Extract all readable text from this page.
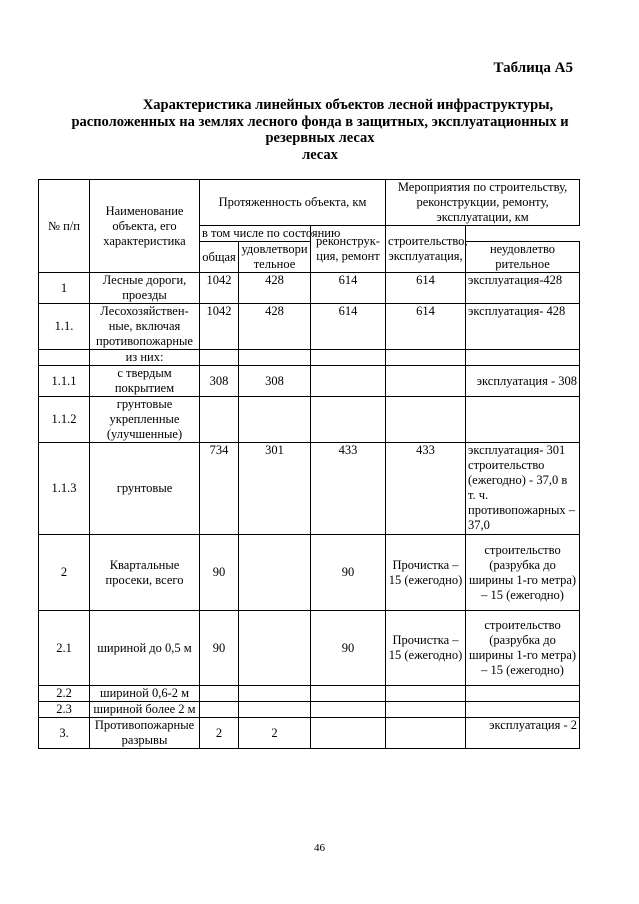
Таблица А5
Характеристика линейных объектов лесной инфраструктуры,
расположенных на землях лесного фонда в защитных, эксплуатационных и
резервных лесах
лесах
№ п/п	Наименование объекта, его характеристика	Протяженность объекта, км			Мероприятия по строительству, реконструкции, ремонту, эксплуатации, км	
		в том числе по состоянию		реконструк-ция, ремонт	строительство, эксплуатация,	
		общая	удовлетвори тельное			неудовлетво рительное
1	Лесные дороги, проезды	1042	428	614	614	эксплуатация-428
1.1.	Лесохозяйствен-ные, включая противопожарные	1042	428	614	614	эксплуатация- 428
	из них:					
1.1.1	с твердым покрытием	308	308			эксплуатация - 308
1.1.2	грунтовые укрепленные (улучшенные)					
1.1.3	грунтовые	734	301	433	433	эксплуатация- 301 строительство (ежегодно) - 37,0 в т. ч. противопожарных – 37,0
2	Квартальные просеки, всего	90		90	Прочистка – 15 (ежегодно)	строительство (разрубка до ширины 1-го метра) – 15 (ежегодно)
2.1	шириной до 0,5 м	90		90	Прочистка – 15 (ежегодно)	строительство (разрубка до ширины 1-го метра) – 15 (ежегодно)
2.2	шириной 0,6-2 м					
2.3	шириной более 2 м					
3.	Противопожарные разрывы	2	2			эксплуатация - 2
46
